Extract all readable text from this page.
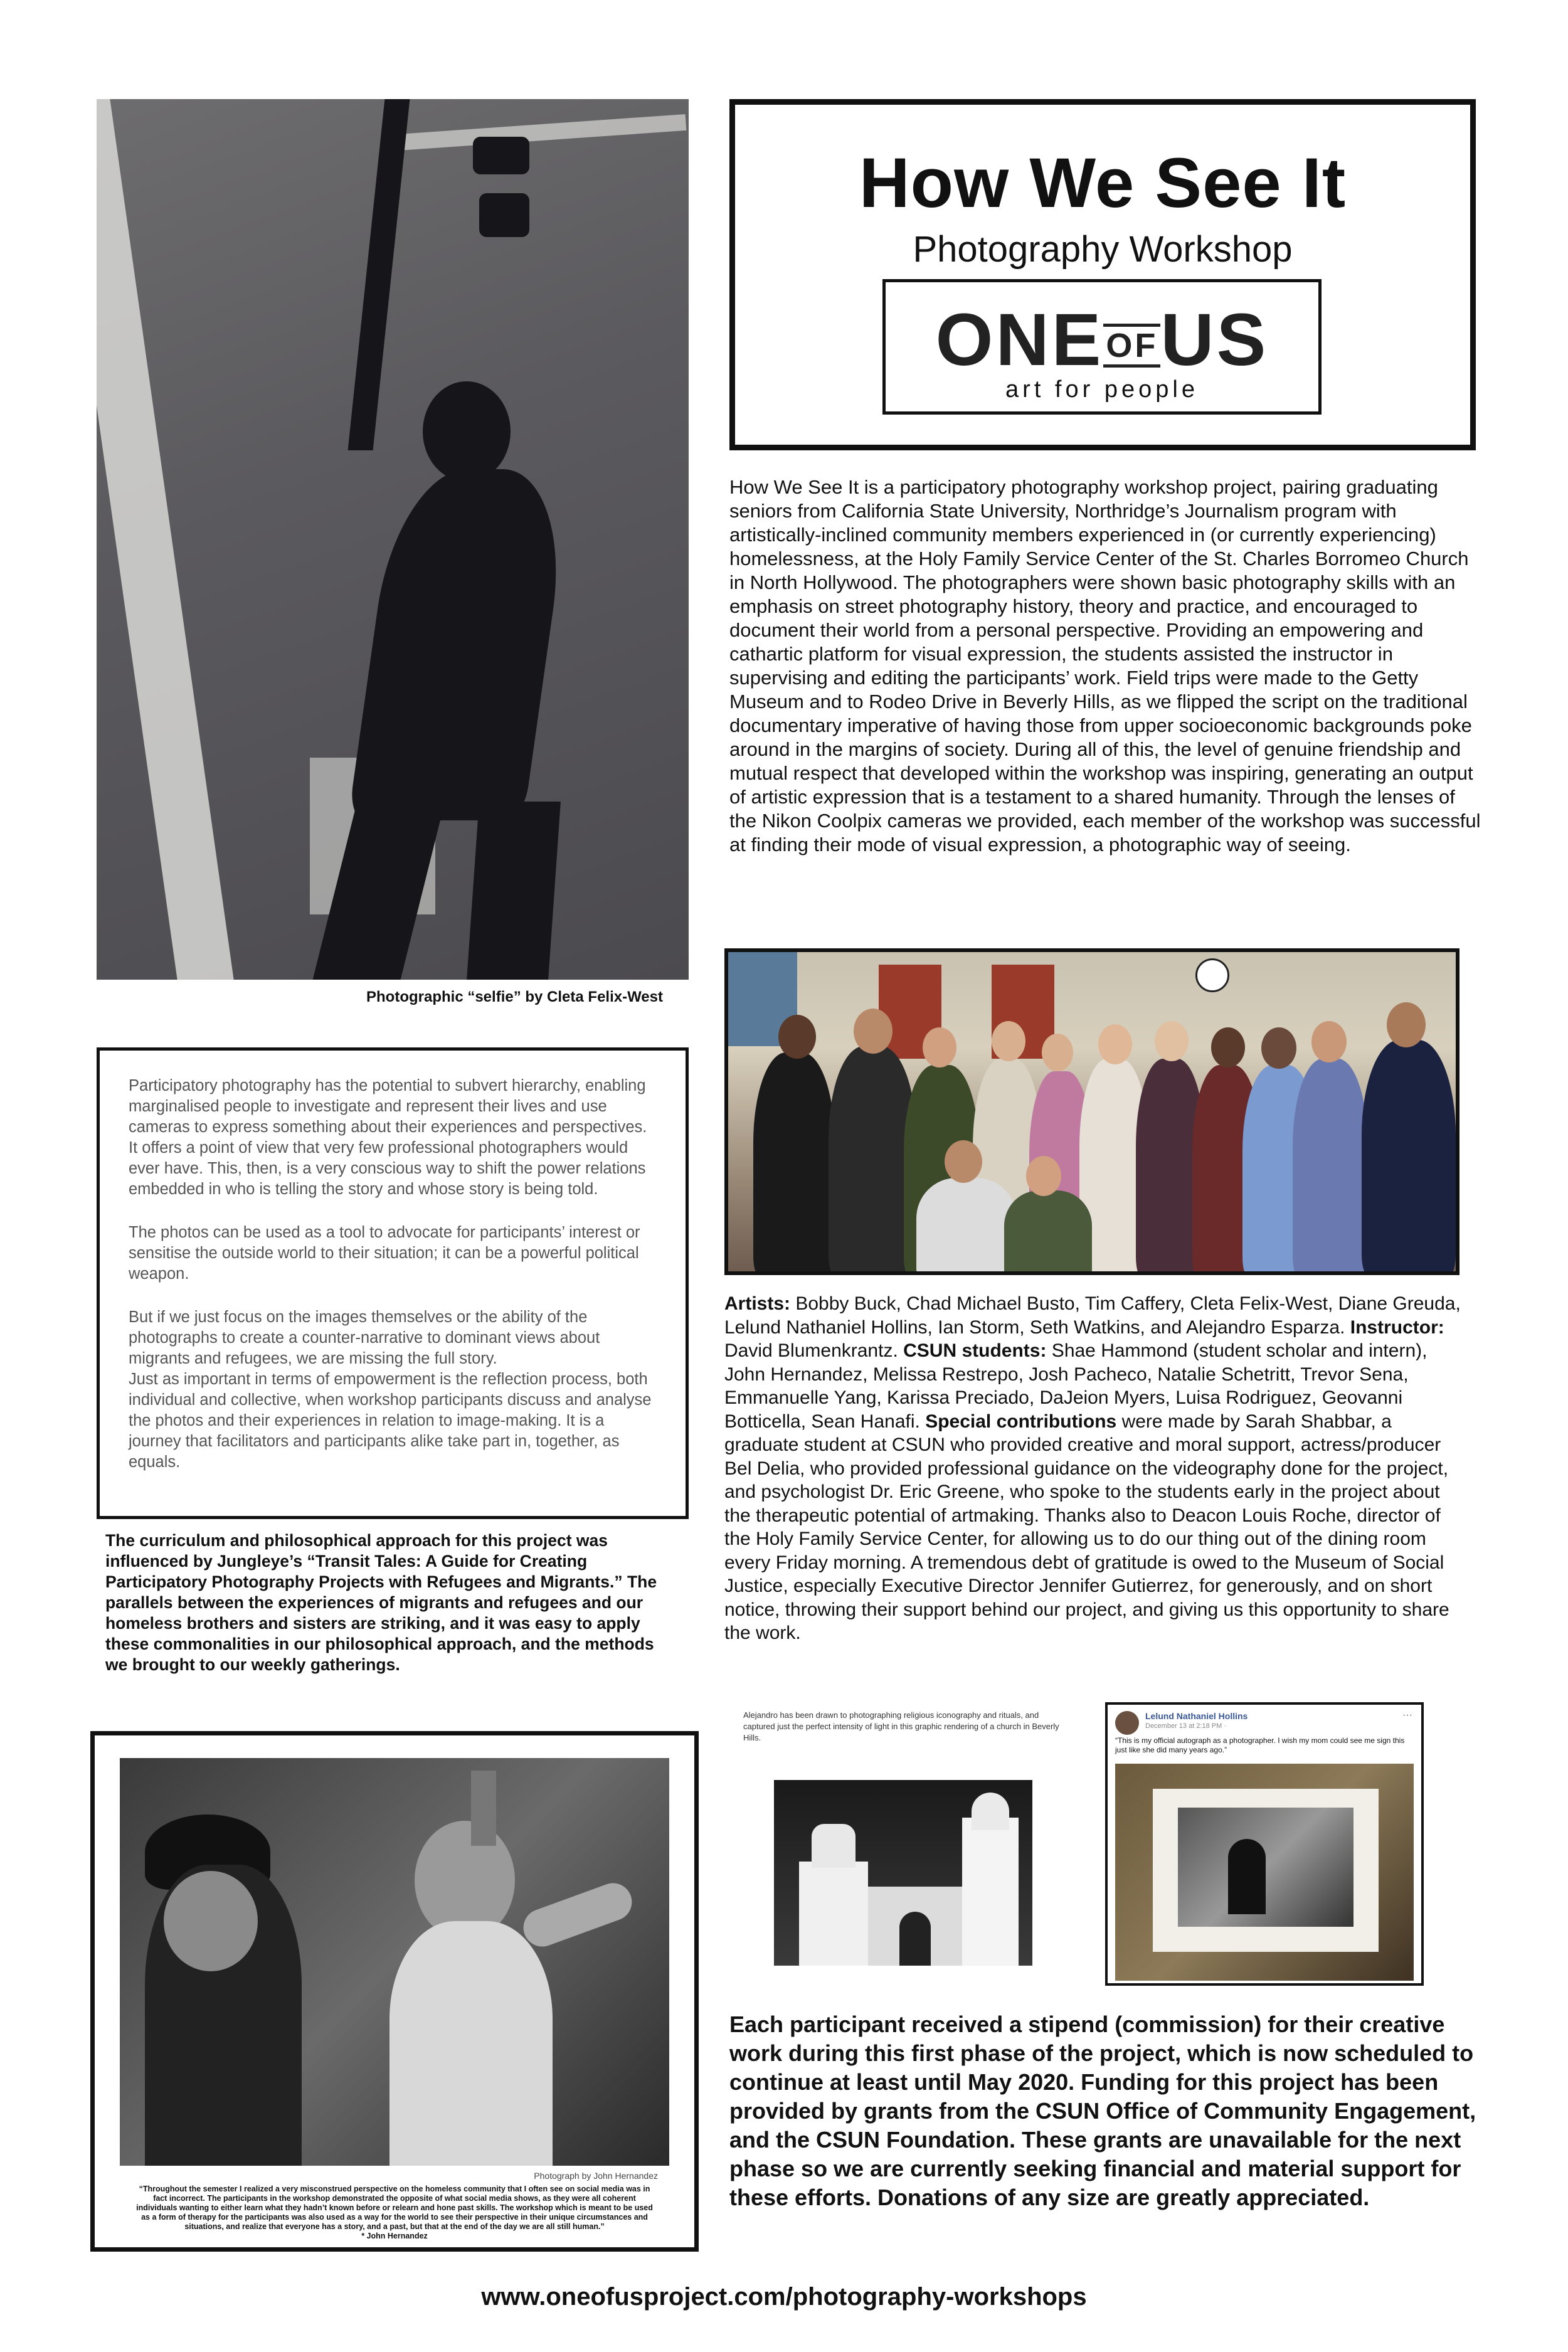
Photographic “selfie” by Cleta Felix-West
How We See It
Photography Workshop
ONEOFUS
art for people
How We See It is a participatory photography workshop project, pairing graduating seniors from California State University, Northridge’s Journalism program with artistically-inclined community members experienced in (or currently experiencing) homelessness, at the Holy Family Service Center of the St. Charles Borromeo Church in North Hollywood. The photographers were shown basic photography skills with an emphasis on street photography history, theory and practice, and encouraged to document their world from a personal perspective. Providing an empowering and cathartic platform for visual expression, the students assisted the instructor in supervising and editing the participants’ work. Field trips were made to the Getty Museum and to Rodeo Drive in Beverly Hills, as we flipped the script on the traditional documentary imperative of having those from upper socioeconomic backgrounds poke around in the margins of society. During all of this, the level of genuine friendship and mutual respect that developed within the workshop was inspiring, generating an output of artistic expression that is a testament to a shared humanity. Through the lenses of the Nikon Coolpix cameras we provided, each member of the workshop was successful at finding their mode of visual expression, a photographic way of seeing.

Participatory photography has the potential to subvert hierarchy, enabling marginalised people to investigate and represent their lives and use cameras to express something about their experiences and perspectives. It offers a point of view that very few professional photographers would ever have. This, then, is a very conscious way to shift the power relations embedded in who is telling the story and whose story is being told.

The photos can be used as a tool to advocate for participants’ interest or sensitise the outside world to their situation; it can be a powerful political weapon.

But if we just focus on the images themselves or the ability of the photographs to create a counter-narrative to dominant views about migrants and refugees, we are missing the full story.

Just as important in terms of empowerment is the reflection process, both individual and collective, when workshop participants discuss and analyse the photos and their experiences in relation to image-making. It is a journey that facilitators and participants alike take part in, together, as equals.

The curriculum and philosophical approach for this project was influenced by Jungleye’s “Transit Tales: A Guide for Creating Participatory Photography Projects with Refugees and Migrants.” The parallels between the experiences of migrants and refugees and our homeless brothers and sisters are striking, and it was easy to apply these commonalities in our philosophical approach, and the methods we brought to our weekly gatherings.
Artists: Bobby Buck, Chad Michael Busto, Tim Caffery, Cleta Felix-West, Diane Greuda, Lelund Nathaniel Hollins, Ian Storm, Seth Watkins, and Alejandro Esparza. Instructor: David Blumenkrantz. CSUN students: Shae Hammond (student scholar and intern), John Hernandez, Melissa Restrepo, Josh Pacheco, Natalie Schetritt, Trevor Sena, Emmanuelle Yang, Karissa Preciado, DaJeion Myers, Luisa Rodriguez, Geovanni Botticella, Sean Hanafi. Special contributions were made by Sarah Shabbar, a graduate student at CSUN who provided creative and moral support, actress/producer Bel Delia, who provided professional guidance on the videography done for the project, and psychologist Dr. Eric Greene, who spoke to the students early in the project about the therapeutic potential of artmaking. Thanks also to Deacon Louis Roche, director of the Holy Family Service Center, for allowing us to do our thing out of the dining room every Friday morning. A tremendous debt of gratitude is owed to the Museum of Social Justice, especially Executive Director Jennifer Gutierrez, for generously, and on short notice, throwing their support behind our project, and giving us this opportunity to share the work.
Photograph by John Hernandez
“Throughout the semester I realized a very misconstrued perspective on the homeless community that I often see on social media was in fact incorrect. The participants in the workshop demonstrated the opposite of what social media shows, as they were all coherent individuals wanting to either learn what they hadn’t known before or relearn and hone past skills. The workshop which is meant to be used as a form of therapy for the participants was also used as a way for the world to see their perspective in their unique circumstances and situations, and realize that everyone has a story, and a past, but that at the end of the day we are all still human.”
* John Hernandez
Alejandro has been drawn to photographing religious iconography and rituals, and captured just the perfect intensity of light in this graphic rendering of a church in Beverly Hills.
Lelund Nathaniel Hollins
December 13 at 2:18 PM ·
···
“This is my official autograph as a photographer. I wish my mom could see me sign this just like she did many years ago.”
Each participant received a stipend (commission) for their creative work during this first phase of the project, which is now scheduled to continue at least until May 2020. Funding for this project has been provided by grants from the CSUN Office of Community Engagement, and the CSUN Foundation. These grants are unavailable for the next phase so we are currently seeking financial and material support for these efforts. Donations of any size are greatly appreciated.
www.oneofusproject.com/photography-workshops
